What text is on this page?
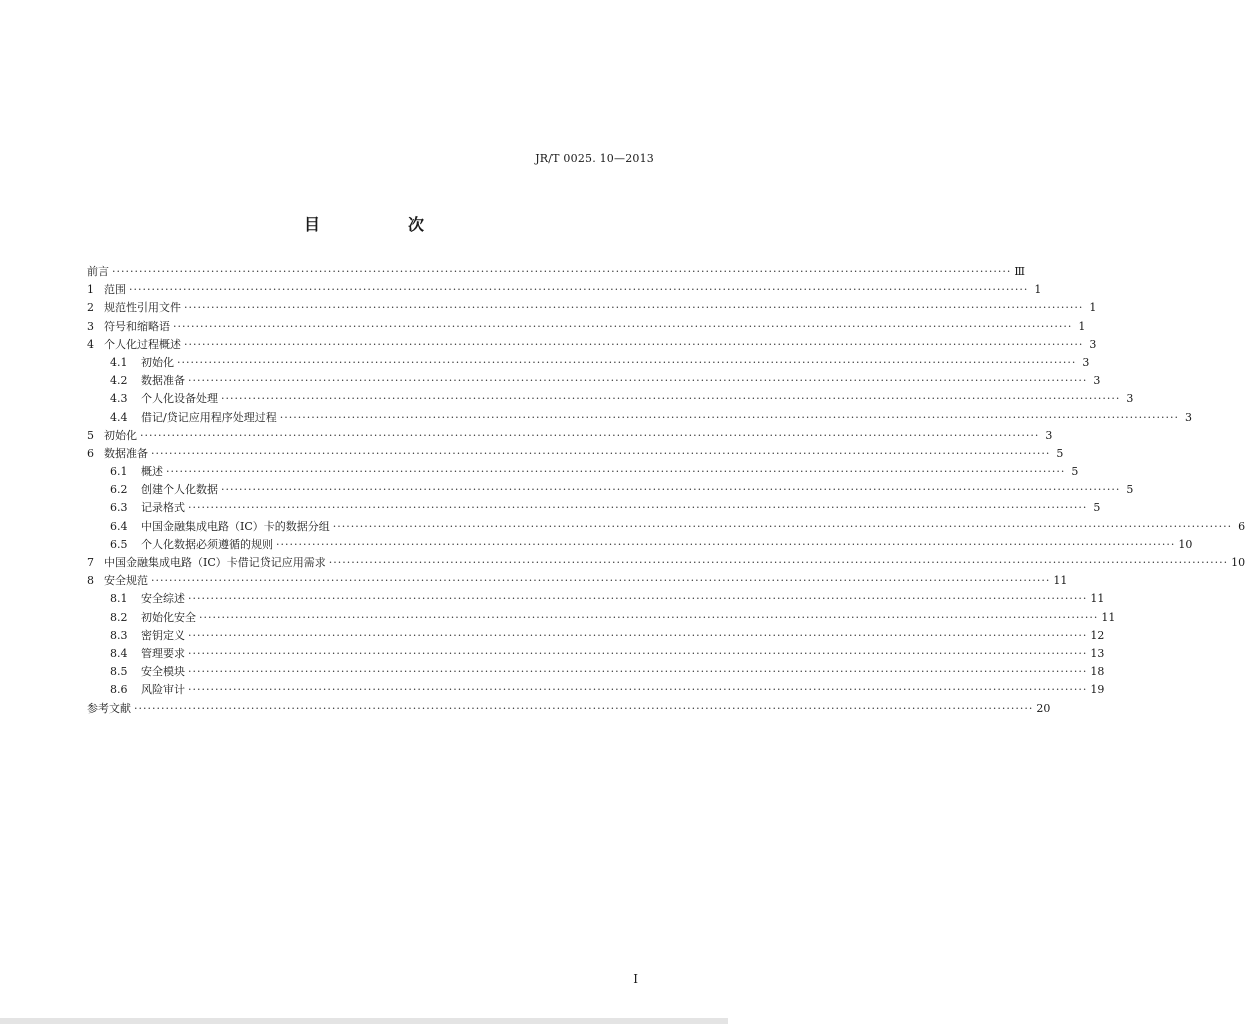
JR/T 0025. 10—2013
目　次
前言 ········································································································································································································ Ⅲ
1 范围 ········································································································································································································ 1
2 规范性引用文件 ········································································································································································································ 1
3 符号和缩略语 ········································································································································································································ 1
4 个人化过程概述 ········································································································································································································ 3
4.1	初始化 ········································································································································································································ 3
4.2	数据准备 ········································································································································································································ 3
4.3	个人化设备处理 ········································································································································································································ 3
4.4	借记/贷记应用程序处理过程 ········································································································································································································ 3
5 初始化 ········································································································································································································ 3
6 数据准备 ········································································································································································································ 5
6.1	概述 ········································································································································································································ 5
6.2	创建个人化数据 ········································································································································································································ 5
6.3	记录格式 ········································································································································································································ 5
6.4	中国金融集成电路（IC）卡的数据分组 ········································································································································································································ 6
6.5	个人化数据必须遵循的规则 ········································································································································································································ 10
7 中国金融集成电路（IC）卡借记贷记应用需求 ········································································································································································································ 10
8 安全规范 ········································································································································································································ 11
8.1	安全综述 ········································································································································································································ 11
8.2	初始化安全 ········································································································································································································ 11
8.3	密钥定义 ········································································································································································································ 12
8.4	管理要求 ········································································································································································································ 13
8.5	安全模块 ········································································································································································································ 18
8.6	风险审计 ········································································································································································································ 19
参考文献 ········································································································································································································ 20
I
